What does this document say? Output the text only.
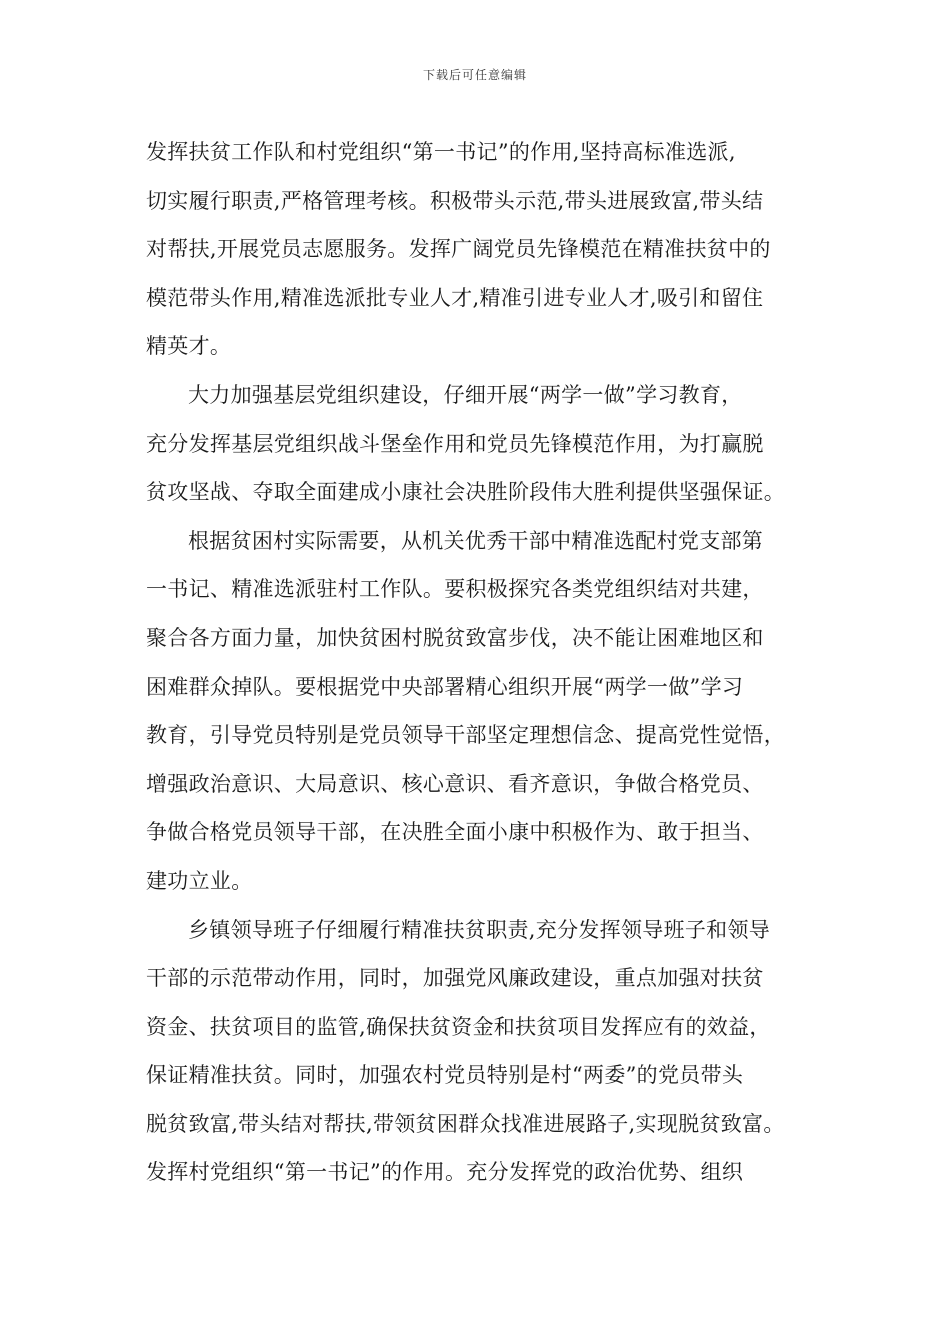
下载后可任意编辑
发挥扶贫工作队和村党组织“第一书记”的作用,坚持高标准选派,
切实履行职责,严格管理考核。积极带头示范,带头进展致富,带头结
对帮扶,开展党员志愿服务。发挥广阔党员先锋模范在精准扶贫中的
模范带头作用,精准选派批专业人才,精准引进专业人才,吸引和留住
精英才。
大力加强基层党组织建设，仔细开展“两学一做”学习教育，
充分发挥基层党组织战斗堡垒作用和党员先锋模范作用，为打赢脱
贫攻坚战、夺取全面建成小康社会决胜阶段伟大胜利提供坚强保证。
根据贫困村实际需要，从机关优秀干部中精准选配村党支部第
一书记、精准选派驻村工作队。要积极探究各类党组织结对共建，
聚合各方面力量，加快贫困村脱贫致富步伐，决不能让困难地区和
困难群众掉队。要根据党中央部署精心组织开展“两学一做”学习
教育，引导党员特别是党员领导干部坚定理想信念、提高党性觉悟，
增强政治意识、大局意识、核心意识、看齐意识，争做合格党员、
争做合格党员领导干部，在决胜全面小康中积极作为、敢于担当、
建功立业。
乡镇领导班子仔细履行精准扶贫职责,充分发挥领导班子和领导
干部的示范带动作用，同时，加强党风廉政建设，重点加强对扶贫
资金、扶贫项目的监管,确保扶贫资金和扶贫项目发挥应有的效益，
保证精准扶贫。同时，加强农村党员特别是村“两委”的党员带头
脱贫致富,带头结对帮扶,带领贫困群众找准进展路子,实现脱贫致富。
发挥村党组织“第一书记”的作用。充分发挥党的政治优势、组织
